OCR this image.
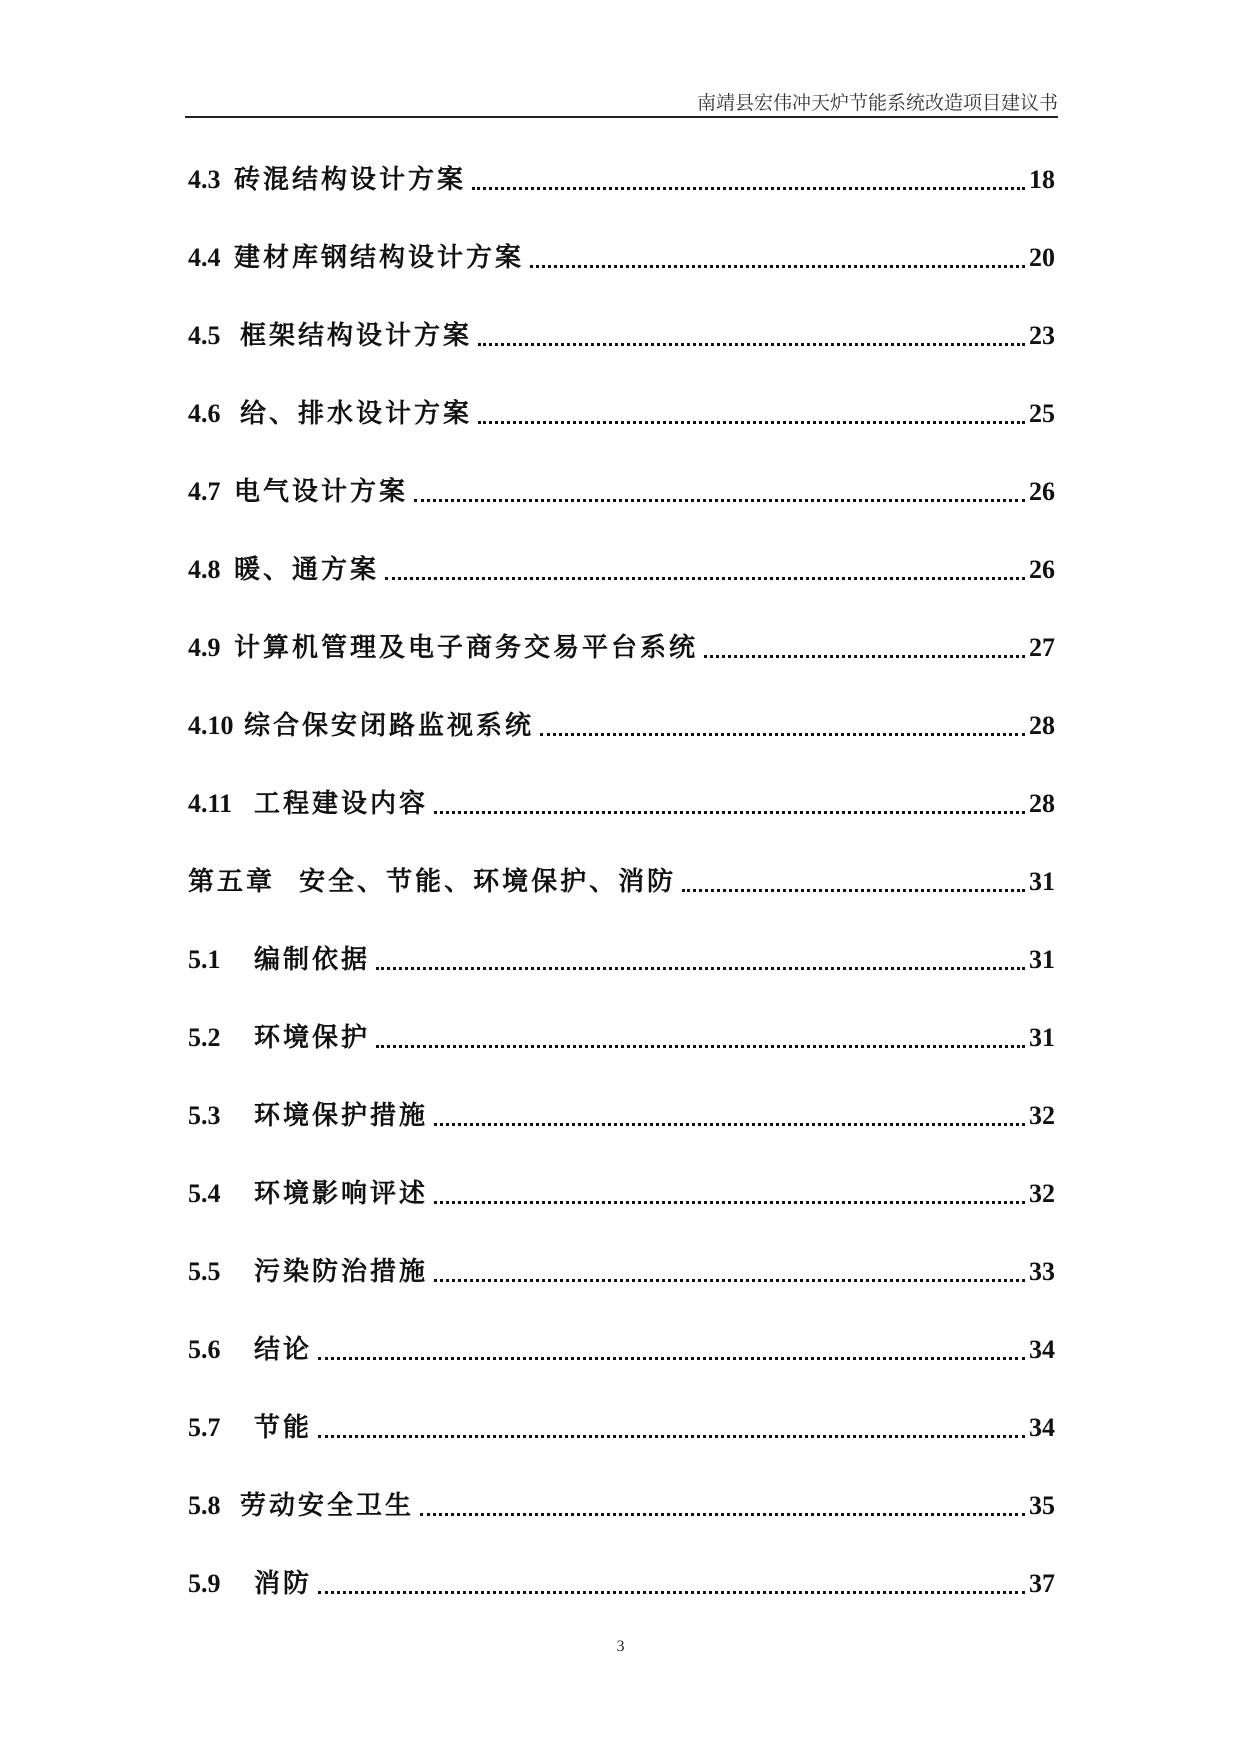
南靖县宏伟冲天炉节能系统改造项目建议书
4.3 砖混结构设计方案	18
4.4 建材库钢结构设计方案	20
4.5 框架结构设计方案	23
4.6 给、排水设计方案	25
4.7 电气设计方案	26
4.8 暖、通方案	26
4.9 计算机管理及电子商务交易平台系统	27
4.10 综合保安闭路监视系统	28
4.11 工程建设内容	28
第五章  安全、节能、环境保护、消防	31
5.1	编制依据	31
5.2	环境保护	31
5.3	环境保护措施	32
5.4	环境影响评述	32
5.5	污染防治措施	33
5.6	结论	34
5.7	节能	34
5.8 劳动安全卫生	35
5.9	消防	37
3
